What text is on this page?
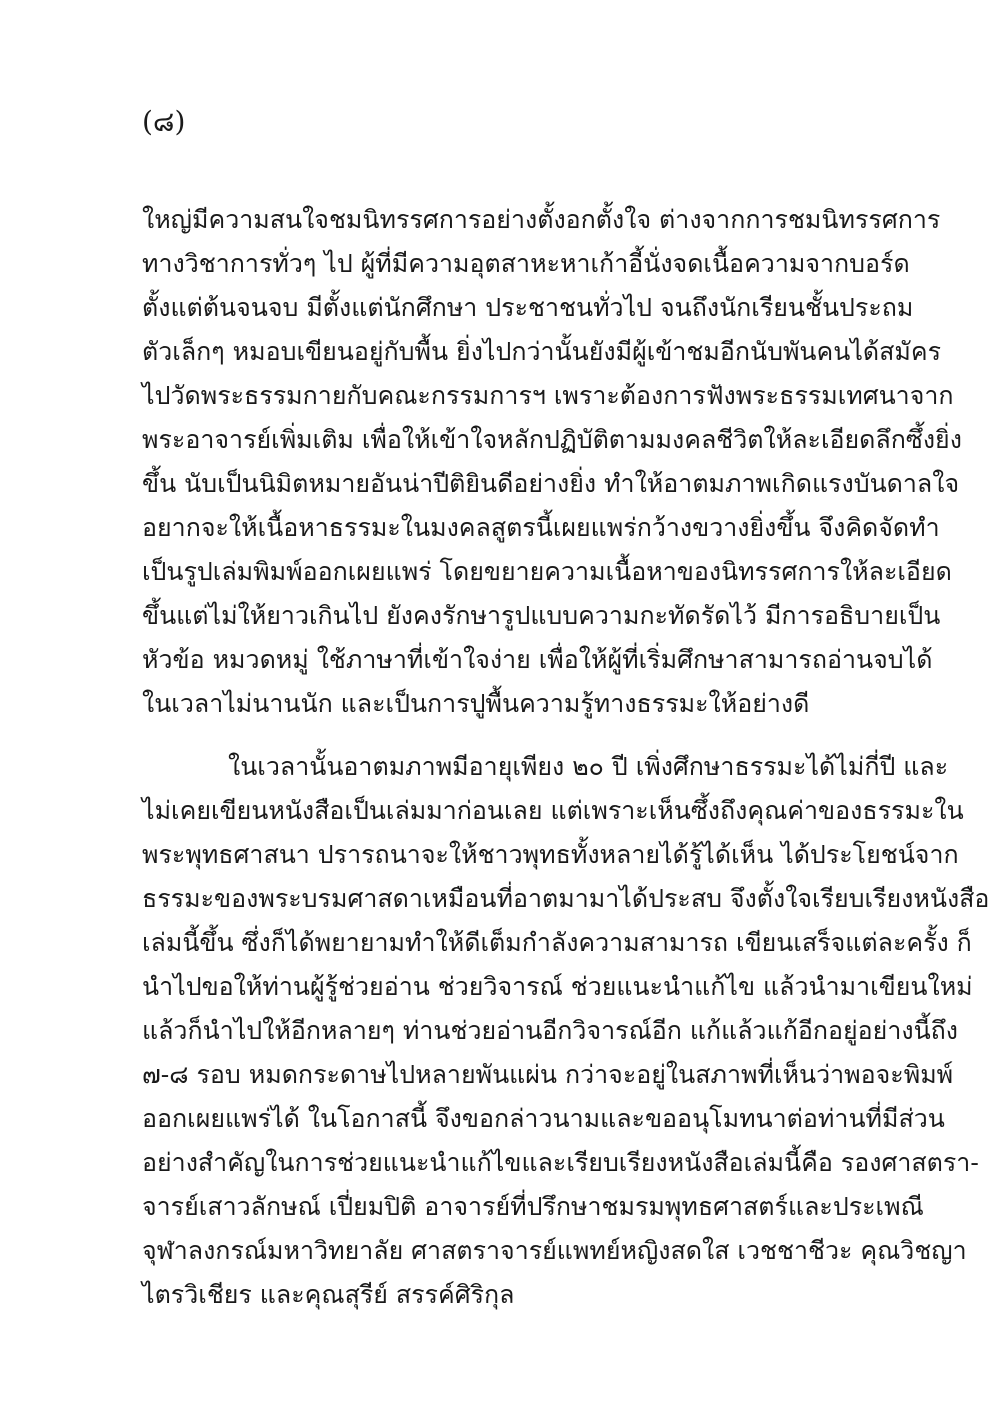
(๘)
ใหญ่มีความสนใจชมนิทรรศการอย่างตั้งอกตั้งใจ ต่างจากการชมนิทรรศการ
ทางวิชาการทั่วๆ ไป ผู้ที่มีความอุตสาหะหาเก้าอี้นั่งจดเนื้อความจากบอร์ด
ตั้งแต่ต้นจนจบ มีตั้งแต่นักศึกษา ประชาชนทั่วไป จนถึงนักเรียนชั้นประถม
ตัวเล็กๆ หมอบเขียนอยู่กับพื้น ยิ่งไปกว่านั้นยังมีผู้เข้าชมอีกนับพันคนได้สมัคร
ไปวัดพระธรรมกายกับคณะกรรมการฯ เพราะต้องการฟังพระธรรมเทศนาจาก
พระอาจารย์เพิ่มเติม เพื่อให้เข้าใจหลักปฏิบัติตามมงคลชีวิตให้ละเอียดลึกซึ้งยิ่ง
ขึ้น นับเป็นนิมิตหมายอันน่าปีติยินดีอย่างยิ่ง ทำให้อาตมภาพเกิดแรงบันดาลใจ
อยากจะให้เนื้อหาธรรมะในมงคลสูตรนี้เผยแพร่กว้างขวางยิ่งขึ้น จึงคิดจัดทำ
เป็นรูปเล่มพิมพ์ออกเผยแพร่ โดยขยายความเนื้อหาของนิทรรศการให้ละเอียด
ขึ้นแต่ไม่ให้ยาวเกินไป ยังคงรักษารูปแบบความกะทัดรัดไว้ มีการอธิบายเป็น
หัวข้อ หมวดหมู่ ใช้ภาษาที่เข้าใจง่าย เพื่อให้ผู้ที่เริ่มศึกษาสามารถอ่านจบได้
ในเวลาไม่นานนัก และเป็นการปูพื้นความรู้ทางธรรมะให้อย่างดี
ในเวลานั้นอาตมภาพมีอายุเพียง ๒๐ ปี เพิ่งศึกษาธรรมะได้ไม่กี่ปี และ
ไม่เคยเขียนหนังสือเป็นเล่มมาก่อนเลย แต่เพราะเห็นซึ้งถึงคุณค่าของธรรมะใน
พระพุทธศาสนา ปรารถนาจะให้ชาวพุทธทั้งหลายได้รู้ได้เห็น ได้ประโยชน์จาก
ธรรมะของพระบรมศาสดาเหมือนที่อาตมามาได้ประสบ จึงตั้งใจเรียบเรียงหนังสือ
เล่มนี้ขึ้น ซึ่งก็ได้พยายามทำให้ดีเต็มกำลังความสามารถ เขียนเสร็จแต่ละครั้ง ก็
นำไปขอให้ท่านผู้รู้ช่วยอ่าน ช่วยวิจารณ์ ช่วยแนะนำแก้ไข แล้วนำมาเขียนใหม่
แล้วก็นำไปให้อีกหลายๆ ท่านช่วยอ่านอีกวิจารณ์อีก แก้แล้วแก้อีกอยู่อย่างนี้ถึง
๗-๘ รอบ หมดกระดาษไปหลายพันแผ่น กว่าจะอยู่ในสภาพที่เห็นว่าพอจะพิมพ์
ออกเผยแพร่ได้ ในโอกาสนี้ จึงขอกล่าวนามและขออนุโมทนาต่อท่านที่มีส่วน
อย่างสำคัญในการช่วยแนะนำแก้ไขและเรียบเรียงหนังสือเล่มนี้คือ รองศาสตรา-
จารย์เสาวลักษณ์ เปี่ยมปิติ อาจารย์ที่ปรึกษาชมรมพุทธศาสตร์และประเพณี
จุฬาลงกรณ์มหาวิทยาลัย ศาสตราจารย์แพทย์หญิงสดใส เวชชาชีวะ คุณวิชญา
ไตรวิเชียร และคุณสุรีย์ สรรค์ศิริกุล
